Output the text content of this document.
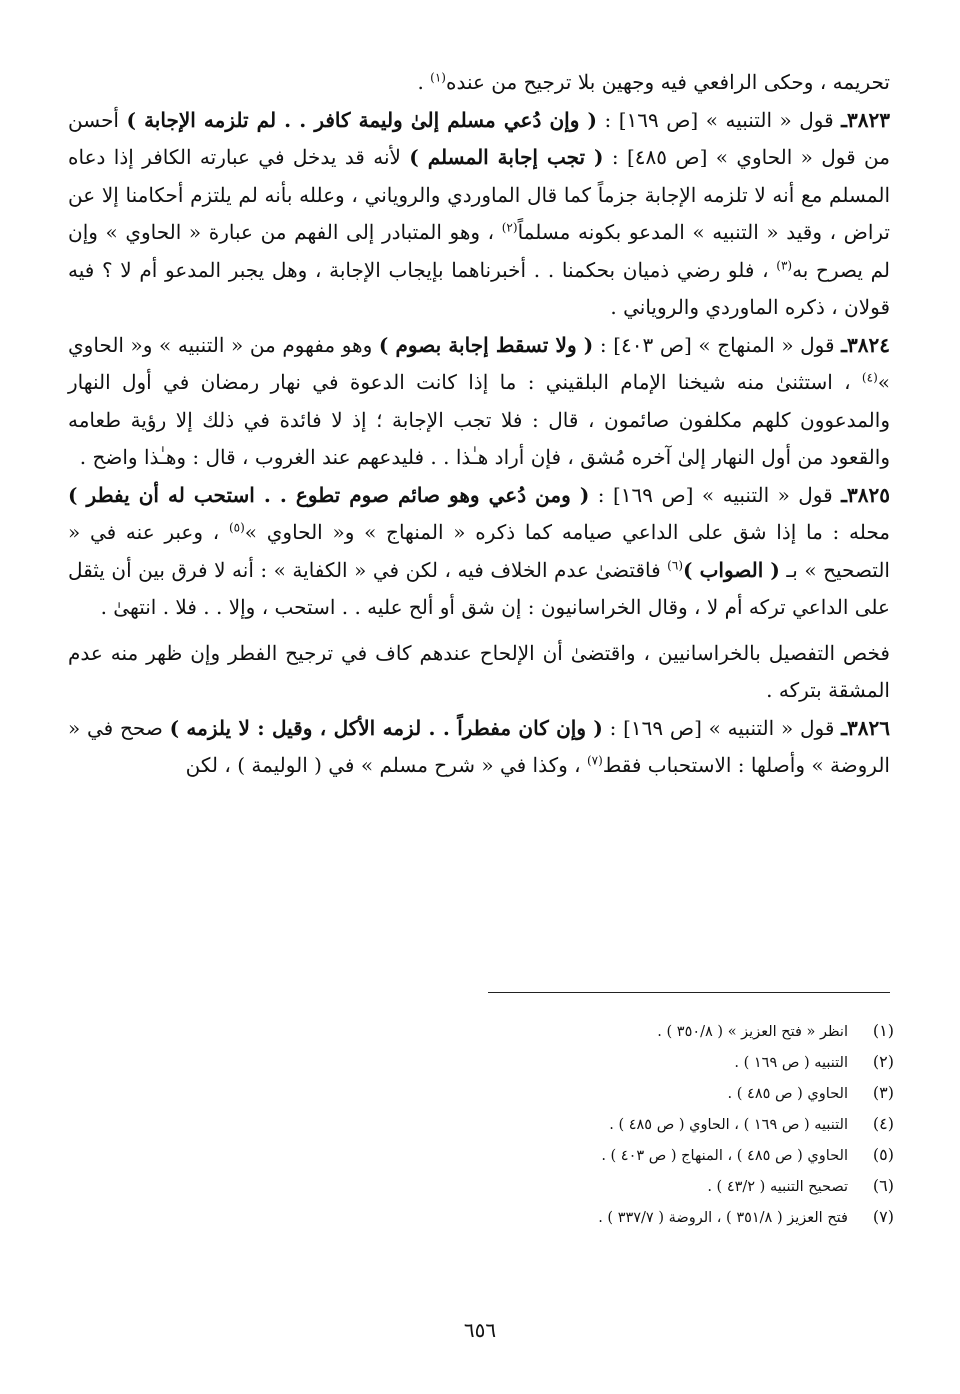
تحريمه ، وحكى الرافعي فيه وجهين بلا ترجيح من عنده$^{(١)}$ .

٣٨٢٣ـ قول « التنبيه » [ص ١٦٩] : ( وإن دُعي مسلم إلىٰ وليمة كافر . . لم تلزمه الإجابة ) أحسن من قول « الحاوي » [ص ٤٨٥] : ( تجب إجابة المسلم ) لأنه قد يدخل في عبارته الكافر إذا دعاه المسلم مع أنه لا تلزمه الإجابة جزماً كما قال الماوردي والروياني ، وعلله بأنه لم يلتزم أحكامنا إلا عن تراض ، وقيد « التنبيه » المدعو بكونه مسلماً$^{(٢)}$ ، وهو المتبادر إلى الفهم من عبارة « الحاوي » وإن لم يصرح به$^{(٣)}$ ، فلو رضي ذميان بحكمنا . . أخبرناهما بإيجاب الإجابة ، وهل يجبر المدعو أم لا ؟ فيه قولان ، ذكره الماوردي والروياني .

٣٨٢٤ـ قول « المنهاج » [ص ٤٠٣] : ( ولا تسقط إجابة بصوم ) وهو مفهوم من « التنبيه » و« الحاوي »$^{(٤)}$ ، استثنىٰ منه شيخنا الإمام البلقيني : ما إذا كانت الدعوة في نهار رمضان في أول النهار والمدعوون كلهم مكلفون صائمون ، قال : فلا تجب الإجابة ؛ إذ لا فائدة في ذلك إلا رؤية طعامه والقعود من أول النهار إلىٰ آخره مُشق ، فإن أراد هـٰذا . . فليدعهم عند الغروب ، قال : وهـٰذا واضح .

٣٨٢٥ـ قول « التنبيه » [ص ١٦٩] : ( ومن دُعي وهو صائم صوم تطوع . . استحب له أن يفطر ) محله : ما إذا شق على الداعي صيامه كما ذكره « المنهاج » و« الحاوي »$^{(٥)}$ ، وعبر عنه في « التصحيح » بـ ( الصواب )$^{(٦)}$ فاقتضىٰ عدم الخلاف فيه ، لكن في « الكفاية » : أنه لا فرق بين أن يثقل على الداعي تركه أم لا ، وقال الخراسانيون : إن شق أو ألح عليه . . استحب ، وإلا . . فلا . انتهىٰ .

فخص التفصيل بالخراسانيين ، واقتضىٰ أن الإلحاح عندهم كاف في ترجيح الفطر وإن ظهر منه عدم المشقة بتركه .

٣٨٢٦ـ قول « التنبيه » [ص ١٦٩] : ( وإن كان مفطراً . . لزمه الأكل ، وقيل : لا يلزمه ) صحح في « الروضة » وأصلها : الاستحباب فقط$^{(٧)}$ ، وكذا في « شرح مسلم » في ( الوليمة ) ، لكن

(١)انظر « فتح العزيز » ( ٣٥٠/٨ ) .
(٢)التنبيه ( ص ١٦٩ ) .
(٣)الحاوي ( ص ٤٨٥ ) .
(٤)التنبيه ( ص ١٦٩ ) ، الحاوي ( ص ٤٨٥ ) .
(٥)الحاوي ( ص ٤٨٥ ) ، المنهاج ( ص ٤٠٣ ) .
(٦)تصحيح التنبيه ( ٤٣/٢ ) .
(٧)فتح العزيز ( ٣٥١/٨ ) ، الروضة ( ٣٣٧/٧ ) .
٦٥٦
